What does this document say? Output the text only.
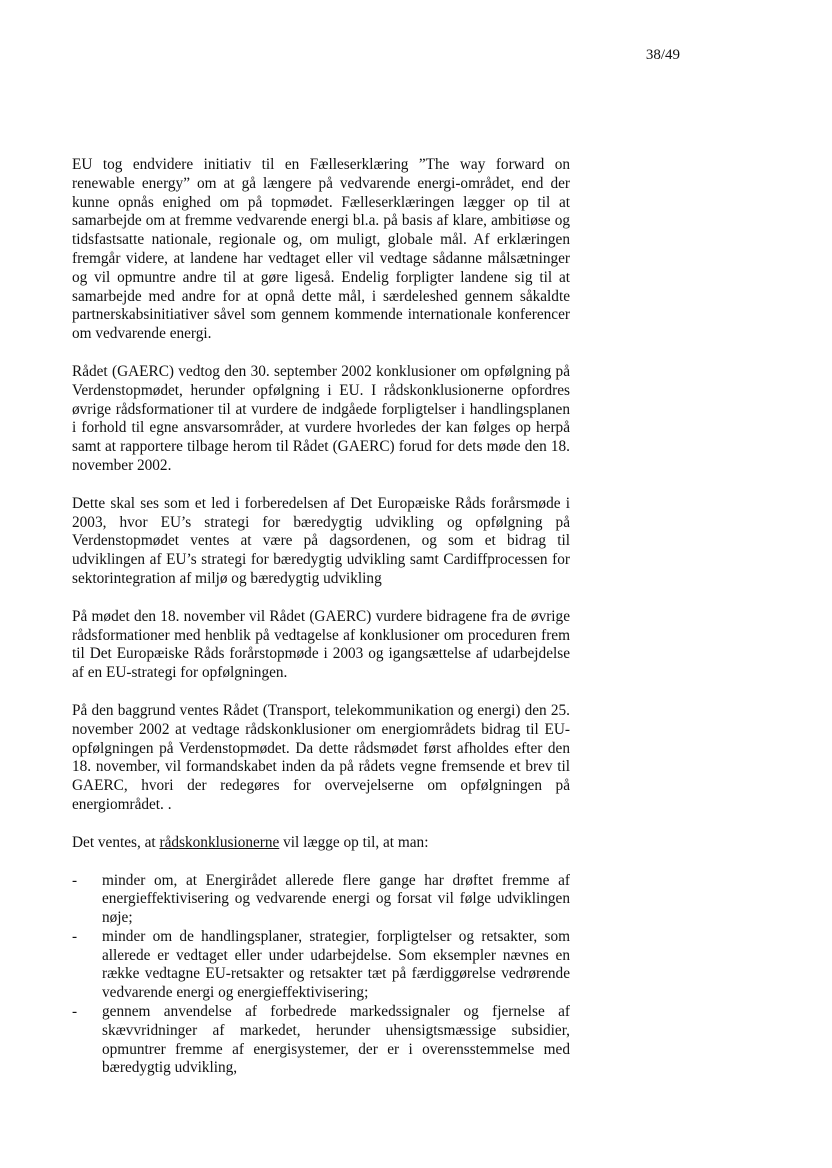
38/49

EU tog endvidere initiativ til en Fælleserklæring ”The way forward on renewable energy” om at gå længere på vedvarende energi-området, end der kunne opnås enighed om på topmødet. Fælleserklæringen lægger op til at samarbejde om at fremme vedvarende energi bl.a. på basis af klare, ambitiøse og tidsfastsatte nationale, regionale og, om muligt, globale mål. Af erklæringen fremgår videre, at landene har vedtaget eller vil vedtage sådanne målsætninger og vil opmuntre andre til at gøre ligeså. Endelig forpligter landene sig til at samarbejde med andre for at opnå dette mål, i særdeleshed gennem såkaldte partnerskabsinitiativer såvel som gennem kommende internationale konferencer om vedvarende energi.

Rådet (GAERC) vedtog den 30. september 2002 konklusioner om opfølgning på Verdenstopmødet, herunder opfølgning i EU. I rådskonklusionerne opfordres øvrige rådsformationer til at vurdere de indgåede forpligtelser i handlingsplanen i forhold til egne ansvarsområder, at vurdere hvorledes der kan følges op herpå samt at rapportere tilbage herom til Rådet (GAERC) forud for dets møde den 18. november 2002.

Dette skal ses som et led i forberedelsen af Det Europæiske Råds forårsmøde i 2003, hvor EU’s strategi for bæredygtig udvikling og opfølgning på Verdenstopmødet ventes at være på dagsordenen, og som et bidrag til udviklingen af EU’s strategi for bæredygtig udvikling samt Cardiffprocessen for sektorintegration af miljø og bæredygtig udvikling

På mødet den 18. november vil Rådet (GAERC) vurdere bidragene fra de øvrige rådsformationer med henblik på vedtagelse af konklusioner om proceduren frem til Det Europæiske Råds forårstopmøde i 2003 og igangsættelse af udarbejdelse af en EU-strategi for opfølgningen.

På den baggrund ventes Rådet (Transport, telekommunikation og energi) den 25. november 2002 at vedtage rådskonklusioner om energiområdets bidrag til EU-opfølgningen på Verdenstopmødet. Da dette rådsmødet først afholdes efter den 18. november, vil formandskabet inden da på rådets vegne fremsende et brev til GAERC, hvori der redegøres for overvejelserne om opfølgningen på energiområdet. .

Det ventes, at rådskonklusionerne vil lægge op til, at man:

- minder om, at Energirådet allerede flere gange har drøftet fremme af energieffektivisering og vedvarende energi og forsat vil følge udviklingen nøje;
- minder om de handlingsplaner, strategier, forpligtelser og retsakter, som allerede er vedtaget eller under udarbejdelse. Som eksempler nævnes en række vedtagne EU-retsakter og retsakter tæt på færdiggørelse vedrørende vedvarende energi og energieffektivisering;
- gennem anvendelse af forbedrede markedssignaler og fjernelse af skævvridninger af markedet, herunder uhensigtsmæssige subsidier, opmuntrer fremme af energisystemer, der er i overensstemmelse med bæredygtig udvikling,
